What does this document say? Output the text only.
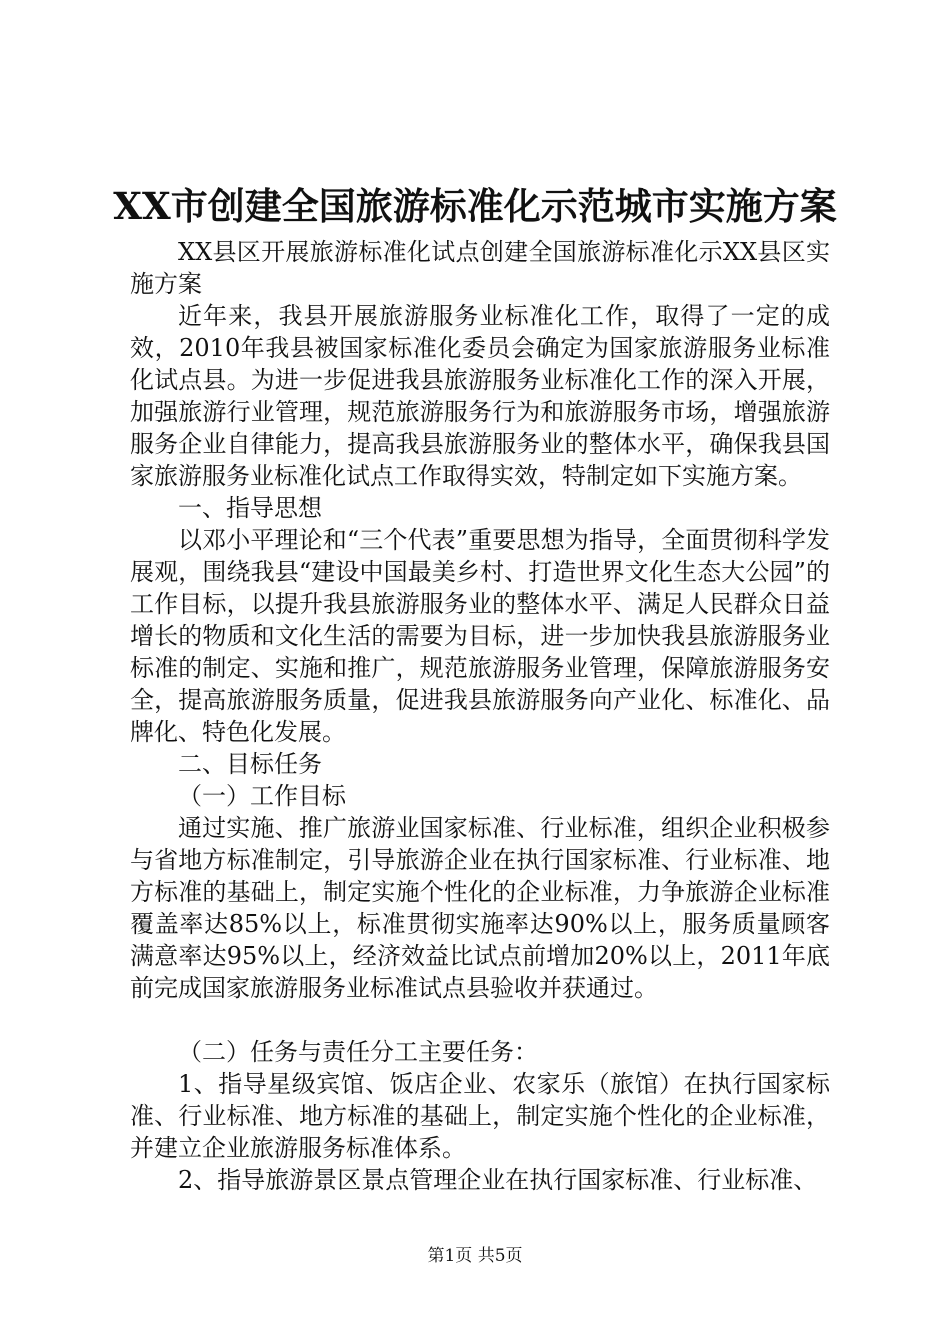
XX市创建全国旅游标准化示范城市实施方案

XX县区开展旅游标准化试点创建全国旅游标准化示XX县区实施方案

近年来，我县开展旅游服务业标准化工作，取得了一定的成效，2010年我县被国家标准化委员会确定为国家旅游服务业标准化试点县。为进一步促进我县旅游服务业标准化工作的深入开展，加强旅游行业管理，规范旅游服务行为和旅游服务市场，增强旅游服务企业自律能力，提高我县旅游服务业的整体水平，确保我县国家旅游服务业标准化试点工作取得实效，特制定如下实施方案。

一、指导思想

以邓小平理论和“三个代表”重要思想为指导，全面贯彻科学发展观，围绕我县“建设中国最美乡村、打造世界文化生态大公园”的工作目标，以提升我县旅游服务业的整体水平、满足人民群众日益增长的物质和文化生活的需要为目标，进一步加快我县旅游服务业标准的制定、实施和推广，规范旅游服务业管理，保障旅游服务安全，提高旅游服务质量，促进我县旅游服务向产业化、标准化、品牌化、特色化发展。

二、目标任务

（一）工作目标

通过实施、推广旅游业国家标准、行业标准，组织企业积极参与省地方标准制定，引导旅游企业在执行国家标准、行业标准、地方标准的基础上，制定实施个性化的企业标准，力争旅游企业标准覆盖率达85%以上，标准贯彻实施率达90%以上，服务质量顾客满意率达95%以上，经济效益比试点前增加20%以上，2011年底前完成国家旅游服务业标准试点县验收并获通过。

（二）任务与责任分工主要任务：

1、指导星级宾馆、饭店企业、农家乐（旅馆）在执行国家标准、行业标准、地方标准的基础上，制定实施个性化的企业标准，并建立企业旅游服务标准体系。

2、指导旅游景区景点管理企业在执行国家标准、行业标准、

第1页 共5页
